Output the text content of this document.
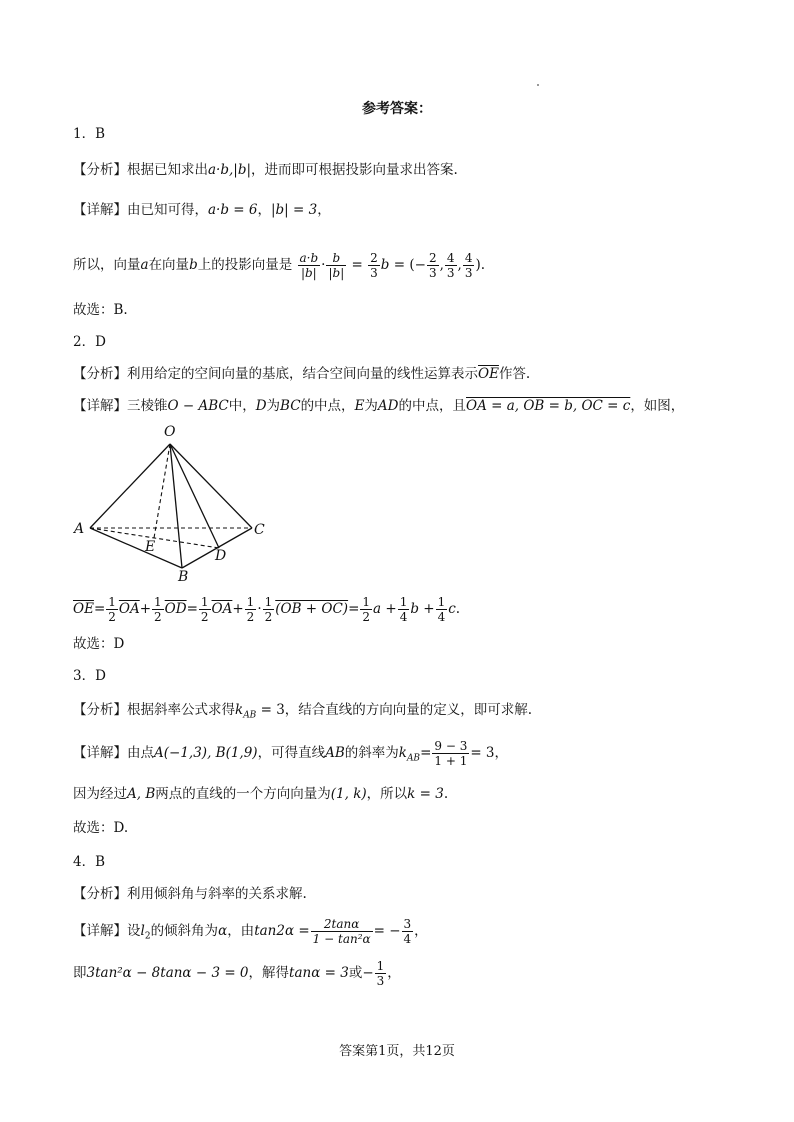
参考答案：
1．B
【分析】根据已知求出a·b,|b|，进而即可根据投影向量求出答案.
【详解】由已知可得，a·b = 6，|b| = 3，
所以，向量a在向量b上的投影向量是 $\frac{a\cdot b}{|b|} \cdot \frac{b}{|b|} = \frac{2}{3}$ b = (− $\frac{2}{3}$ , $\frac{4}{3}$ , $\frac{4}{3}$ ).
故选：B.
2．D
【分析】利用给定的空间向量的基底，结合空间向量的线性运算表示$\overline{OE}$作答.
【详解】三棱锥O − ABC中，D为BC的中点，E为AD的中点，且OA = a, OB = b, OC = c，如图，
O
A	C
E
D
B
$\overline{OE}= \frac{1}{2} \overline{OA}+ \frac{1}{2} \overline{OD}= \frac{1}{2} \overline{OA}+ \frac{1}{2} \cdot \frac{1}{2} (OB + OC)= \frac{1}{2}$ $a + \frac{1}{4}$ $b + \frac{1}{4} c$.
故选：D
3．D
【分析】根据斜率公式求得$k_{AB} = 3$，结合直线的方向向量的定义，即可求解.
【详解】由点A(−1,3), B(1,9)，可得直线AB的斜率为$k_{AB}= \frac{9 - 3}{1 + 1} = 3$，
因为经过A, B两点的直线的一个方向向量为(1, k)，所以k = 3.
故选：D.
4．B
【分析】利用倾斜角与斜率的关系求解.
【详解】设$l_2$的倾斜角为α，由$\tan 2\alpha = \frac{2\tan\alpha}{\text{1 − tan²α}}$ = − $\frac{3}{4}$ ，
即3tan²α − 8tanα − 3 = 0，解得tanα = 3或− $\frac{1}{3}$ ，
答案第1页，共12页
